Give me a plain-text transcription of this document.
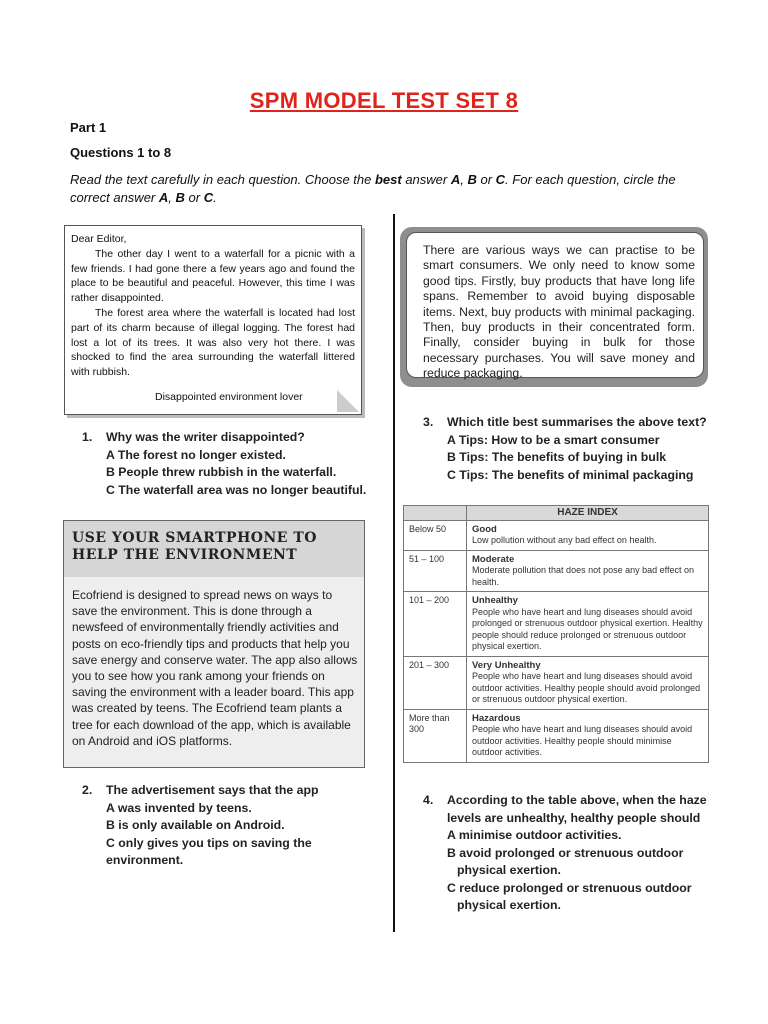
SPM MODEL TEST SET 8
Part 1
Questions 1 to 8
Read the text carefully in each question. Choose the best answer A, B or C. For each question, circle the correct answer A, B or C.

Dear Editor,

The other day I went to a waterfall for a picnic with a few friends. I had gone there a few years ago and found the place to be beautiful and peaceful. However, this time I was rather disappointed.

The forest area where the waterfall is located had lost part of its charm because of illegal logging. The forest had lost a lot of its trees. It was also very hot there. I was shocked to find the area surrounding the waterfall littered with rubbish.

Disappointed environment lover

1. Why was the writer disappointed?
A The forest no longer existed.
B People threw rubbish in the waterfall.
C The waterfall area was no longer beautiful.
USE YOUR SMARTPHONE TO
HELP THE ENVIRONMENT
Ecofriend is designed to spread news on ways to save the environment. This is done through a newsfeed of environmentally friendly activities and posts on eco-friendly tips and products that help you save energy and conserve water. The app also allows you to see how you rank among your friends on saving the environment with a leader board. This app was created by teens. The Ecofriend team plants a tree for each download of the app, which is available on Android and iOS platforms.
2. The advertisement says that the app
A was invented by teens.
B is only available on Android.
C only gives you tips on saving the environment.
There are various ways we can practise to be smart consumers. We only need to know some good tips. Firstly, buy products that have long life spans. Remember to avoid buying disposable items. Next, buy products with minimal packaging. Then, buy products in their concentrated form. Finally, consider buying in bulk for those necessary purchases. You will save money and reduce packaging.
3. Which title best summarises the above text?
A Tips: How to be a smart consumer
B Tips: The benefits of buying in bulk
C Tips: The benefits of minimal packaging
	HAZE INDEX
Below 50	Good
Low pollution without any bad effect on health.

51 – 100	Moderate
Moderate pollution that does not pose any bad effect on health.

101 – 200	Unhealthy
People who have heart and lung diseases should avoid prolonged or strenuous outdoor physical exertion. Healthy people should reduce prolonged or strenuous outdoor physical exertion.

201 – 300	Very Unhealthy
People who have heart and lung diseases should avoid outdoor activities. Healthy people should avoid prolonged or strenuous outdoor physical exertion.

More than 300	Hazardous
People who have heart and lung diseases should avoid outdoor activities. Healthy people should minimise outdoor activities.
4. According to the table above, when the haze levels are unhealthy, healthy people should
A minimise outdoor activities.
B avoid prolonged or strenuous outdoor
physical exertion.
C reduce prolonged or strenuous outdoor
physical exertion.
